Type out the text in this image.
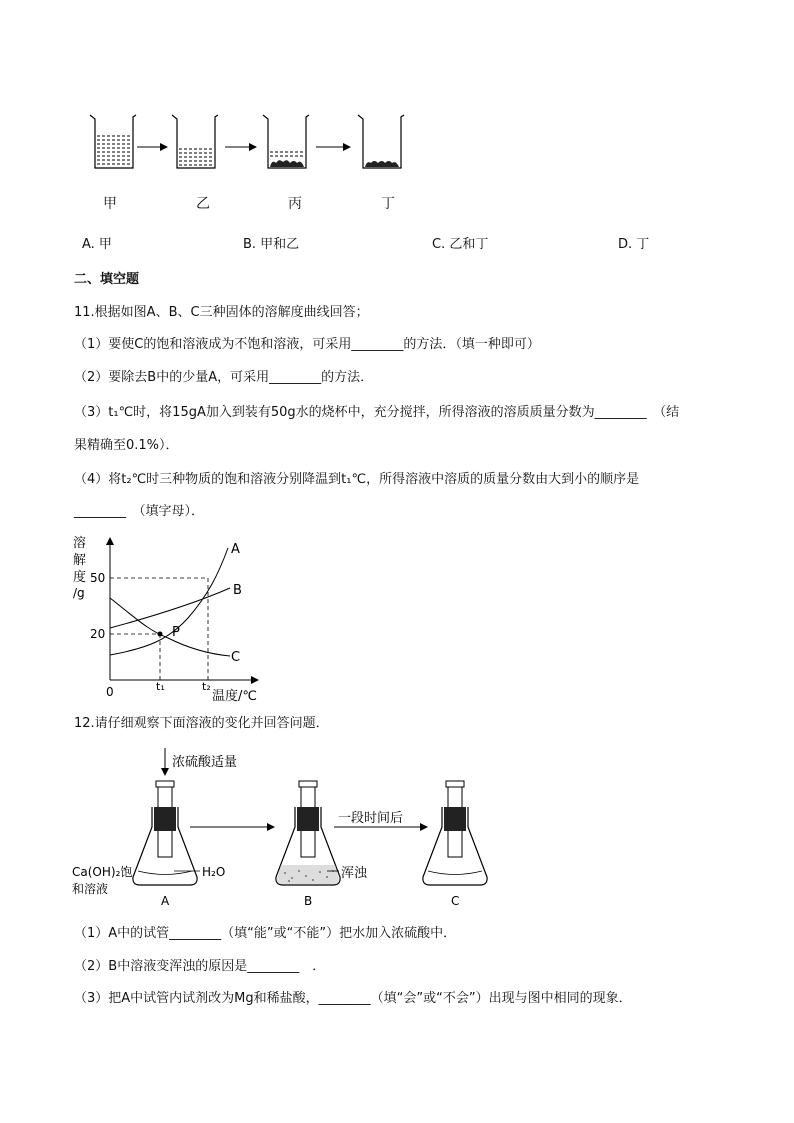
甲	乙	丙	丁
A. 甲	B. 甲和乙	C. 乙和丁	D. 丁
二、填空题
11.根据如图A、B、C三种固体的溶解度曲线回答；
（1）要使C的饱和溶液成为不饱和溶液，可采用________的方法．（填一种即可）
（2）要除去B中的少量A，可采用________的方法．
（3）t₁℃时，将15gA加入到装有50g水的烧杯中，充分搅拌，所得溶液的溶质质量分数为________　（结
果精确至0.1%）．
（4）将t₂℃时三种物质的饱和溶液分别降温到t₁℃，所得溶液中溶质的质量分数由大到小的顺序是
________　（填字母）．
溶
解
度
/g
50
20
0	t₁	t₂
温度/℃
A
B
C
P
12.请仔细观察下面溶液的变化并回答问题．
浓硫酸适量
一段时间后
H₂O
Ca(OH)₂饱
和溶液
浑浊
A	B	C
（1）A中的试管________（填“能”或“不能”）把水加入浓硫酸中．
（2）B中溶液变浑浊的原因是________　．
（3）把A中试管内试剂改为Mg和稀盐酸，________（填“会”或“不会”）出现与图中相同的现象．
